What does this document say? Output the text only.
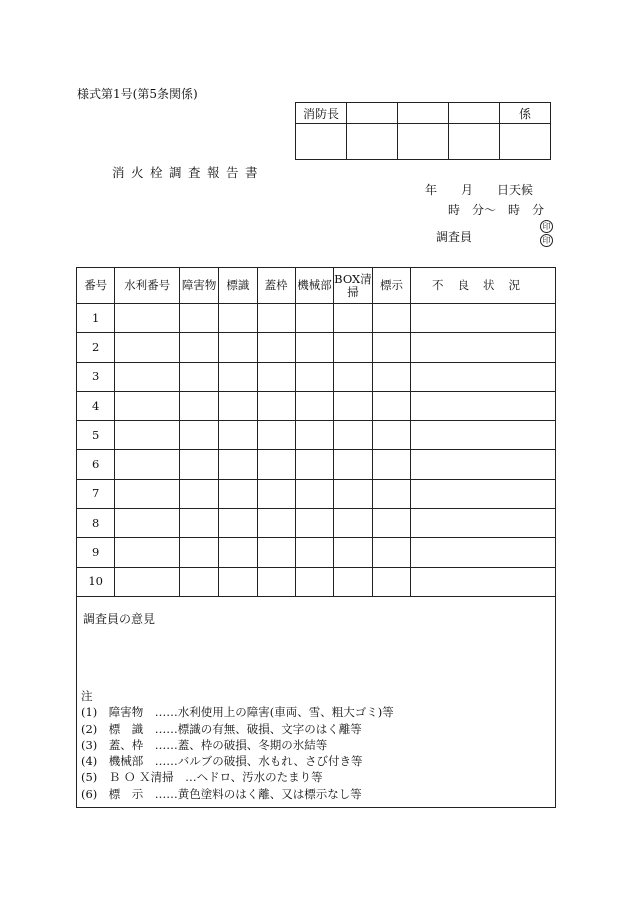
様式第1号(第5条関係)
消防長				係

消火栓調査報告書
年　　月　　日天候
時　分～　時　分
調査員
印
印
番号	水利番号	障害物	標識	蓋枠	機械部	BOX清掃	標示	不良状況
1								
2								
3								
4								
5								
6								
7								
8								
9								
10								
調査員の意見
注
(1)　障害物　……水利使用上の障害(車両、雪、粗大ゴミ)等
(2)　標　識　……標識の有無、破損、文字のはく離等
(3)　蓋、枠　……蓋、枠の破損、冬期の氷結等
(4)　機械部　……バルブの破損、水もれ、さび付き等
(5)　Ｂ Ｏ Ｘ清掃　…ヘドロ、汚水のたまり等
(6)　標　示　……黄色塗料のはく離、又は標示なし等
